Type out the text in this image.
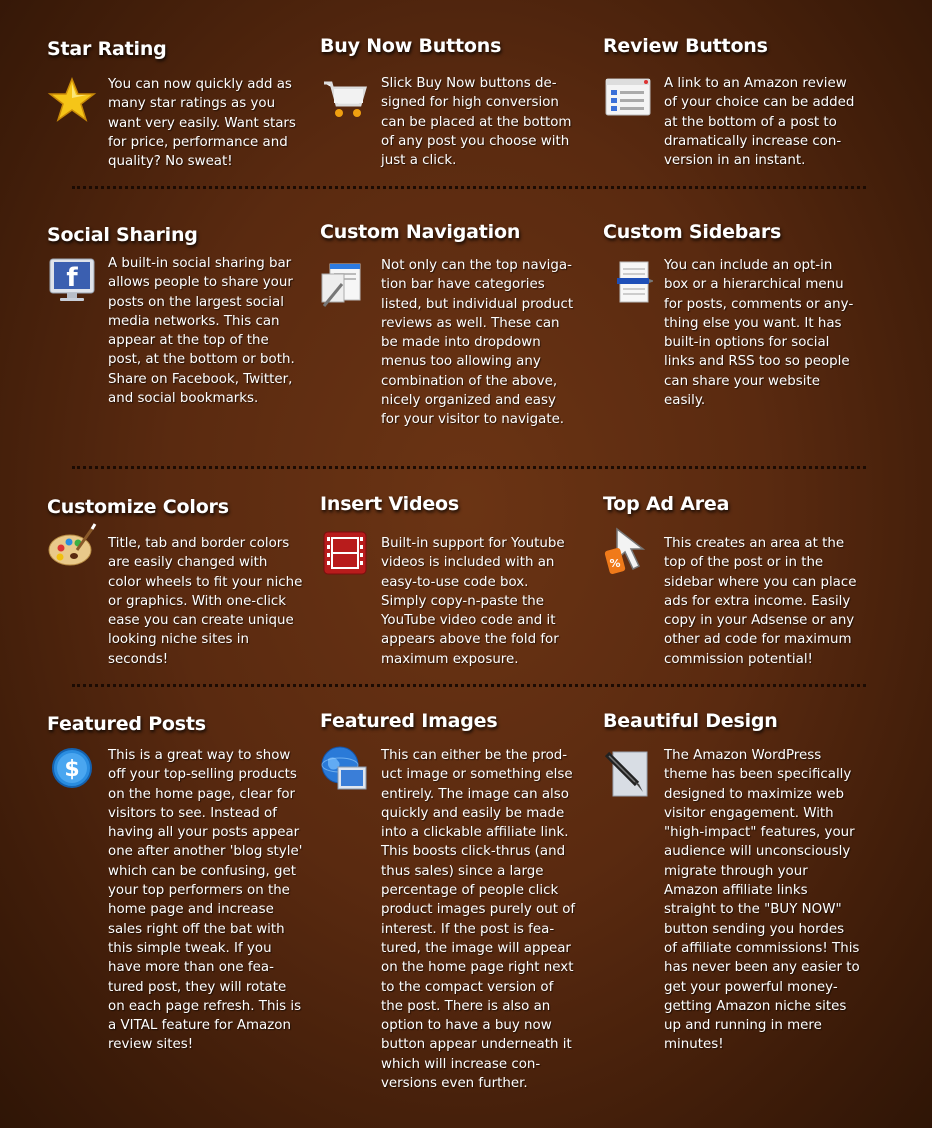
Star Rating

You can now quickly add as many star ratings as you want very easily. Want stars for price, performance and quality? No sweat!

Buy Now Buttons

Slick Buy Now buttons designed for high conversion can be placed at the bottom of any post you choose with just a click.

Review Buttons

A link to an Amazon review of your choice can be added at the bottom of a post to dramatically increase conversion in an instant.

Social Sharing
f A built-in social sharing bar allows people to share your posts on the largest social media networks. This can appear at the top of the post, at the bottom or both. Share on Facebook, Twitter, and social bookmarks.

Custom Navigation

Not only can the top navigation bar have categories listed, but individual product reviews as well. These can be made into dropdown menus too allowing any combination of the above, nicely organized and easy for your visitor to navigate.

Custom Sidebars

You can include an opt-in box or a hierarchical menu for posts, comments or anything else you want. It has built-in options for social links and RSS too so people can share your website easily.

Customize Colors

Title, tab and border colors are easily changed with color wheels to fit your niche or graphics. With one-click ease you can create unique looking niche sites in seconds!

Insert Videos

Built-in support for Youtube videos is included with an easy-to-use code box. Simply copy-n-paste the YouTube video code and it appears above the fold for maximum exposure.

Top Ad Area
%

This creates an area at the top of the post or in the sidebar where you can place ads for extra income. Easily copy in your Adsense or any other ad code for maximum commission potential!

Featured Posts
$

This is a great way to show off your top-selling products on the home page, clear for visitors to see. Instead of having all your posts appear one after another 'blog style' which can be confusing, get your top performers on the home page and increase sales right off the bat with this simple tweak. If you have more than one featured post, they will rotate on each page refresh. This is a VITAL feature for Amazon review sites!

Featured Images

This can either be the product image or something else entirely. The image can also quickly and easily be made into a clickable affiliate link. This boosts click-thrus (and thus sales) since a large percentage of people click product images purely out of interest. If the post is featured, the image will appear on the home page right next to the compact version of the post. There is also an option to have a buy now button appear underneath it which will increase conversions even further.

Beautiful Design

The Amazon WordPress theme has been specifically designed to maximize web visitor engagement. With "high-impact" features, your audience will unconsciously migrate through your Amazon affiliate links straight to the "BUY NOW" button sending you hordes of affiliate commissions! This has never been any easier to get your powerful money-getting Amazon niche sites up and running in mere minutes!
